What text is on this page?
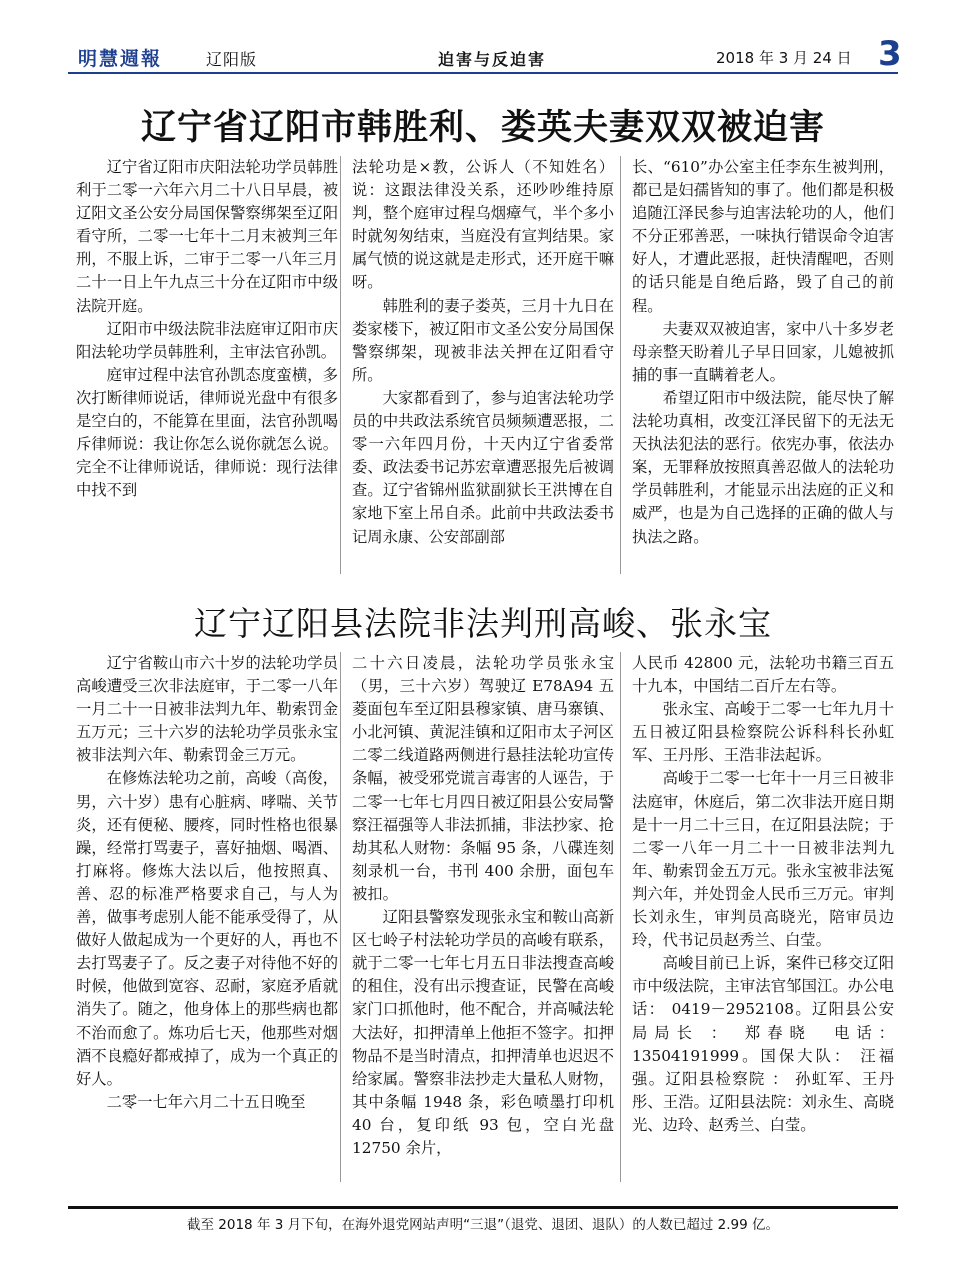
明慧週報	辽阳版	迫害与反迫害	2018 年 3 月 24 日 3
辽宁省辽阳市韩胜利、娄英夫妻双双被迫害

辽宁省辽阳市庆阳法轮功学员韩胜利于二零一六年六月二十八日早晨，被辽阳文圣公安分局国保警察绑架至辽阳看守所，二零一七年十二月末被判三年刑，不服上诉，二审于二零一八年三月二十一日上午九点三十分在辽阳市中级法院开庭。

辽阳市中级法院非法庭审辽阳市庆阳法轮功学员韩胜利，主审法官孙凯。

庭审过程中法官孙凯态度蛮横，多次打断律师说话，律师说光盘中有很多是空白的，不能算在里面，法官孙凯喝斥律师说：我让你怎么说你就怎么说。完全不让律师说话，律师说：现行法律中找不到

法轮功是×教，公诉人（不知姓名）说：这跟法律没关系，还吵吵维持原判，整个庭审过程乌烟瘴气，半个多小时就匆匆结束，当庭没有宣判结果。家属气愤的说这就是走形式，还开庭干嘛呀。

韩胜利的妻子娄英，三月十九日在娄家楼下，被辽阳市文圣公安分局国保警察绑架，现被非法关押在辽阳看守所。

大家都看到了，参与迫害法轮功学员的中共政法系统官员频频遭恶报，二零一六年四月份，十天内辽宁省委常委、政法委书记苏宏章遭恶报先后被调查。辽宁省锦州监狱副狱长王洪博在自家地下室上吊自杀。此前中共政法委书记周永康、公安部副部

长、“610”办公室主任李东生被判刑，都已是妇孺皆知的事了。他们都是积极追随江泽民参与迫害法轮功的人，他们不分正邪善恶，一味执行错误命令迫害好人，才遭此恶报，赶快清醒吧，否则的话只能是自绝后路，毁了自己的前程。

夫妻双双被迫害，家中八十多岁老母亲整天盼着儿子早日回家，儿媳被抓捕的事一直瞒着老人。

希望辽阳市中级法院，能尽快了解法轮功真相，改变江泽民留下的无法无天执法犯法的恶行。依宪办事，依法办案，无罪释放按照真善忍做人的法轮功学员韩胜利，才能显示出法庭的正义和威严，也是为自己选择的正确的做人与执法之路。

辽宁辽阳县法院非法判刑高峻、张永宝

辽宁省鞍山市六十岁的法轮功学员高峻遭受三次非法庭审，于二零一八年一月二十一日被非法判九年、勒索罚金五万元；三十六岁的法轮功学员张永宝被非法判六年、勒索罚金三万元。

在修炼法轮功之前，高峻（高俊，男，六十岁）患有心脏病、哮喘、关节炎，还有便秘、腰疼，同时性格也很暴躁，经常打骂妻子，喜好抽烟、喝酒、打麻将。修炼大法以后，他按照真、善、忍的标准严格要求自己，与人为善，做事考虑别人能不能承受得了，从做好人做起成为一个更好的人，再也不去打骂妻子了。反之妻子对待他不好的时候，他做到宽容、忍耐，家庭矛盾就消失了。随之，他身体上的那些病也都不治而愈了。炼功后七天，他那些对烟酒不良瘾好都戒掉了，成为一个真正的好人。

二零一七年六月二十五日晚至

二十六日凌晨，法轮功学员张永宝（男，三十六岁）驾驶辽 E78A94 五菱面包车至辽阳县穆家镇、唐马寨镇、小北河镇、黄泥洼镇和辽阳市太子河区二零二线道路两侧进行悬挂法轮功宣传条幅，被受邪党谎言毒害的人诬告，于二零一七年七月四日被辽阳县公安局警察汪福强等人非法抓捕，非法抄家、抢劫其私人财物：条幅 95 条，八碟连刻刻录机一台，书刊 400 余册，面包车被扣。

辽阳县警察发现张永宝和鞍山高新区七岭子村法轮功学员的高峻有联系，就于二零一七年七月五日非法搜查高峻的租住，没有出示搜查证，民警在高峻家门口抓他时，他不配合，并高喊法轮大法好，扣押清单上他拒不签字。扣押物品不是当时清点，扣押清单也迟迟不给家属。警察非法抄走大量私人财物，其中条幅 1948 条，彩色喷墨打印机 40 台，复印纸 93 包，空白光盘 12750 余片，

人民币 42800 元，法轮功书籍三百五十九本，中国结二百斤左右等。

张永宝、高峻于二零一七年九月十五日被辽阳县检察院公诉科科长孙虹军、王丹彤、王浩非法起诉。

高峻于二零一七年十一月三日被非法庭审，休庭后，第二次非法开庭日期是十一月二十三日，在辽阳县法院；于二零一八年一月二十一日被非法判九年、勒索罚金五万元。张永宝被非法冤判六年，并处罚金人民币三万元。审判长刘永生，审判员高晓光，陪审员边玲，代书记员赵秀兰、白莹。

高峻目前已上诉，案件已移交辽阳市中级法院，主审法官邹国江。办公电话： 0419－2952108。辽阳县公安局局长 ： 郑春晓　电话：13504191999。国保大队： 汪福强。辽阳县检察院 ： 孙虹军、王丹彤、王浩。辽阳县法院：刘永生、高晓光、边玲、赵秀兰、白莹。

截至 2018 年 3 月下旬，在海外退党网站声明“三退”（退党、退团、退队）的人数已超过 2.99 亿。
